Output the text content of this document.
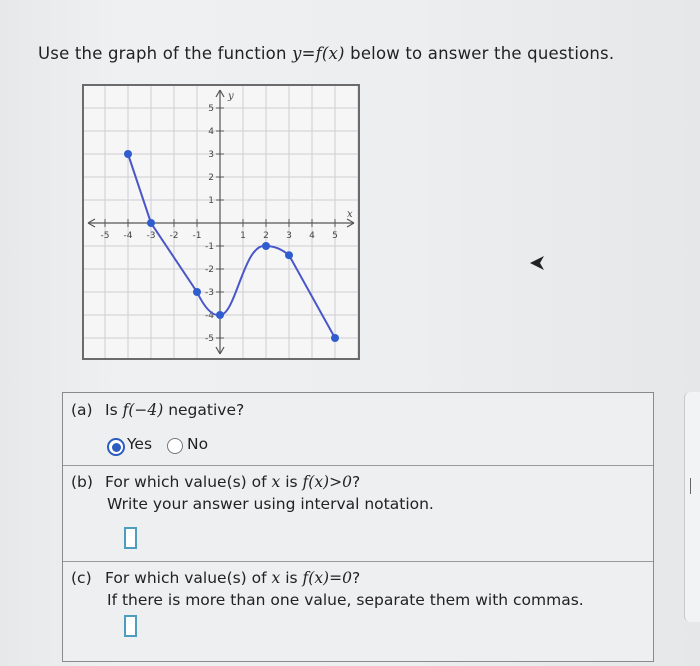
Use the graph of the function y=f(x) below to answer the questions.
x
y
-5 -4 -3 -2 -1	1 2 3 4 5
5
4
3
2
1
-1
-2
-3
-4
-5
(a) Is f(−4) negative?
Yes No
(b) For which value(s) of x is f(x)>0?
Write your answer using interval notation.
(c) For which value(s) of x is f(x)=0?
If there is more than one value, separate them with commas.
